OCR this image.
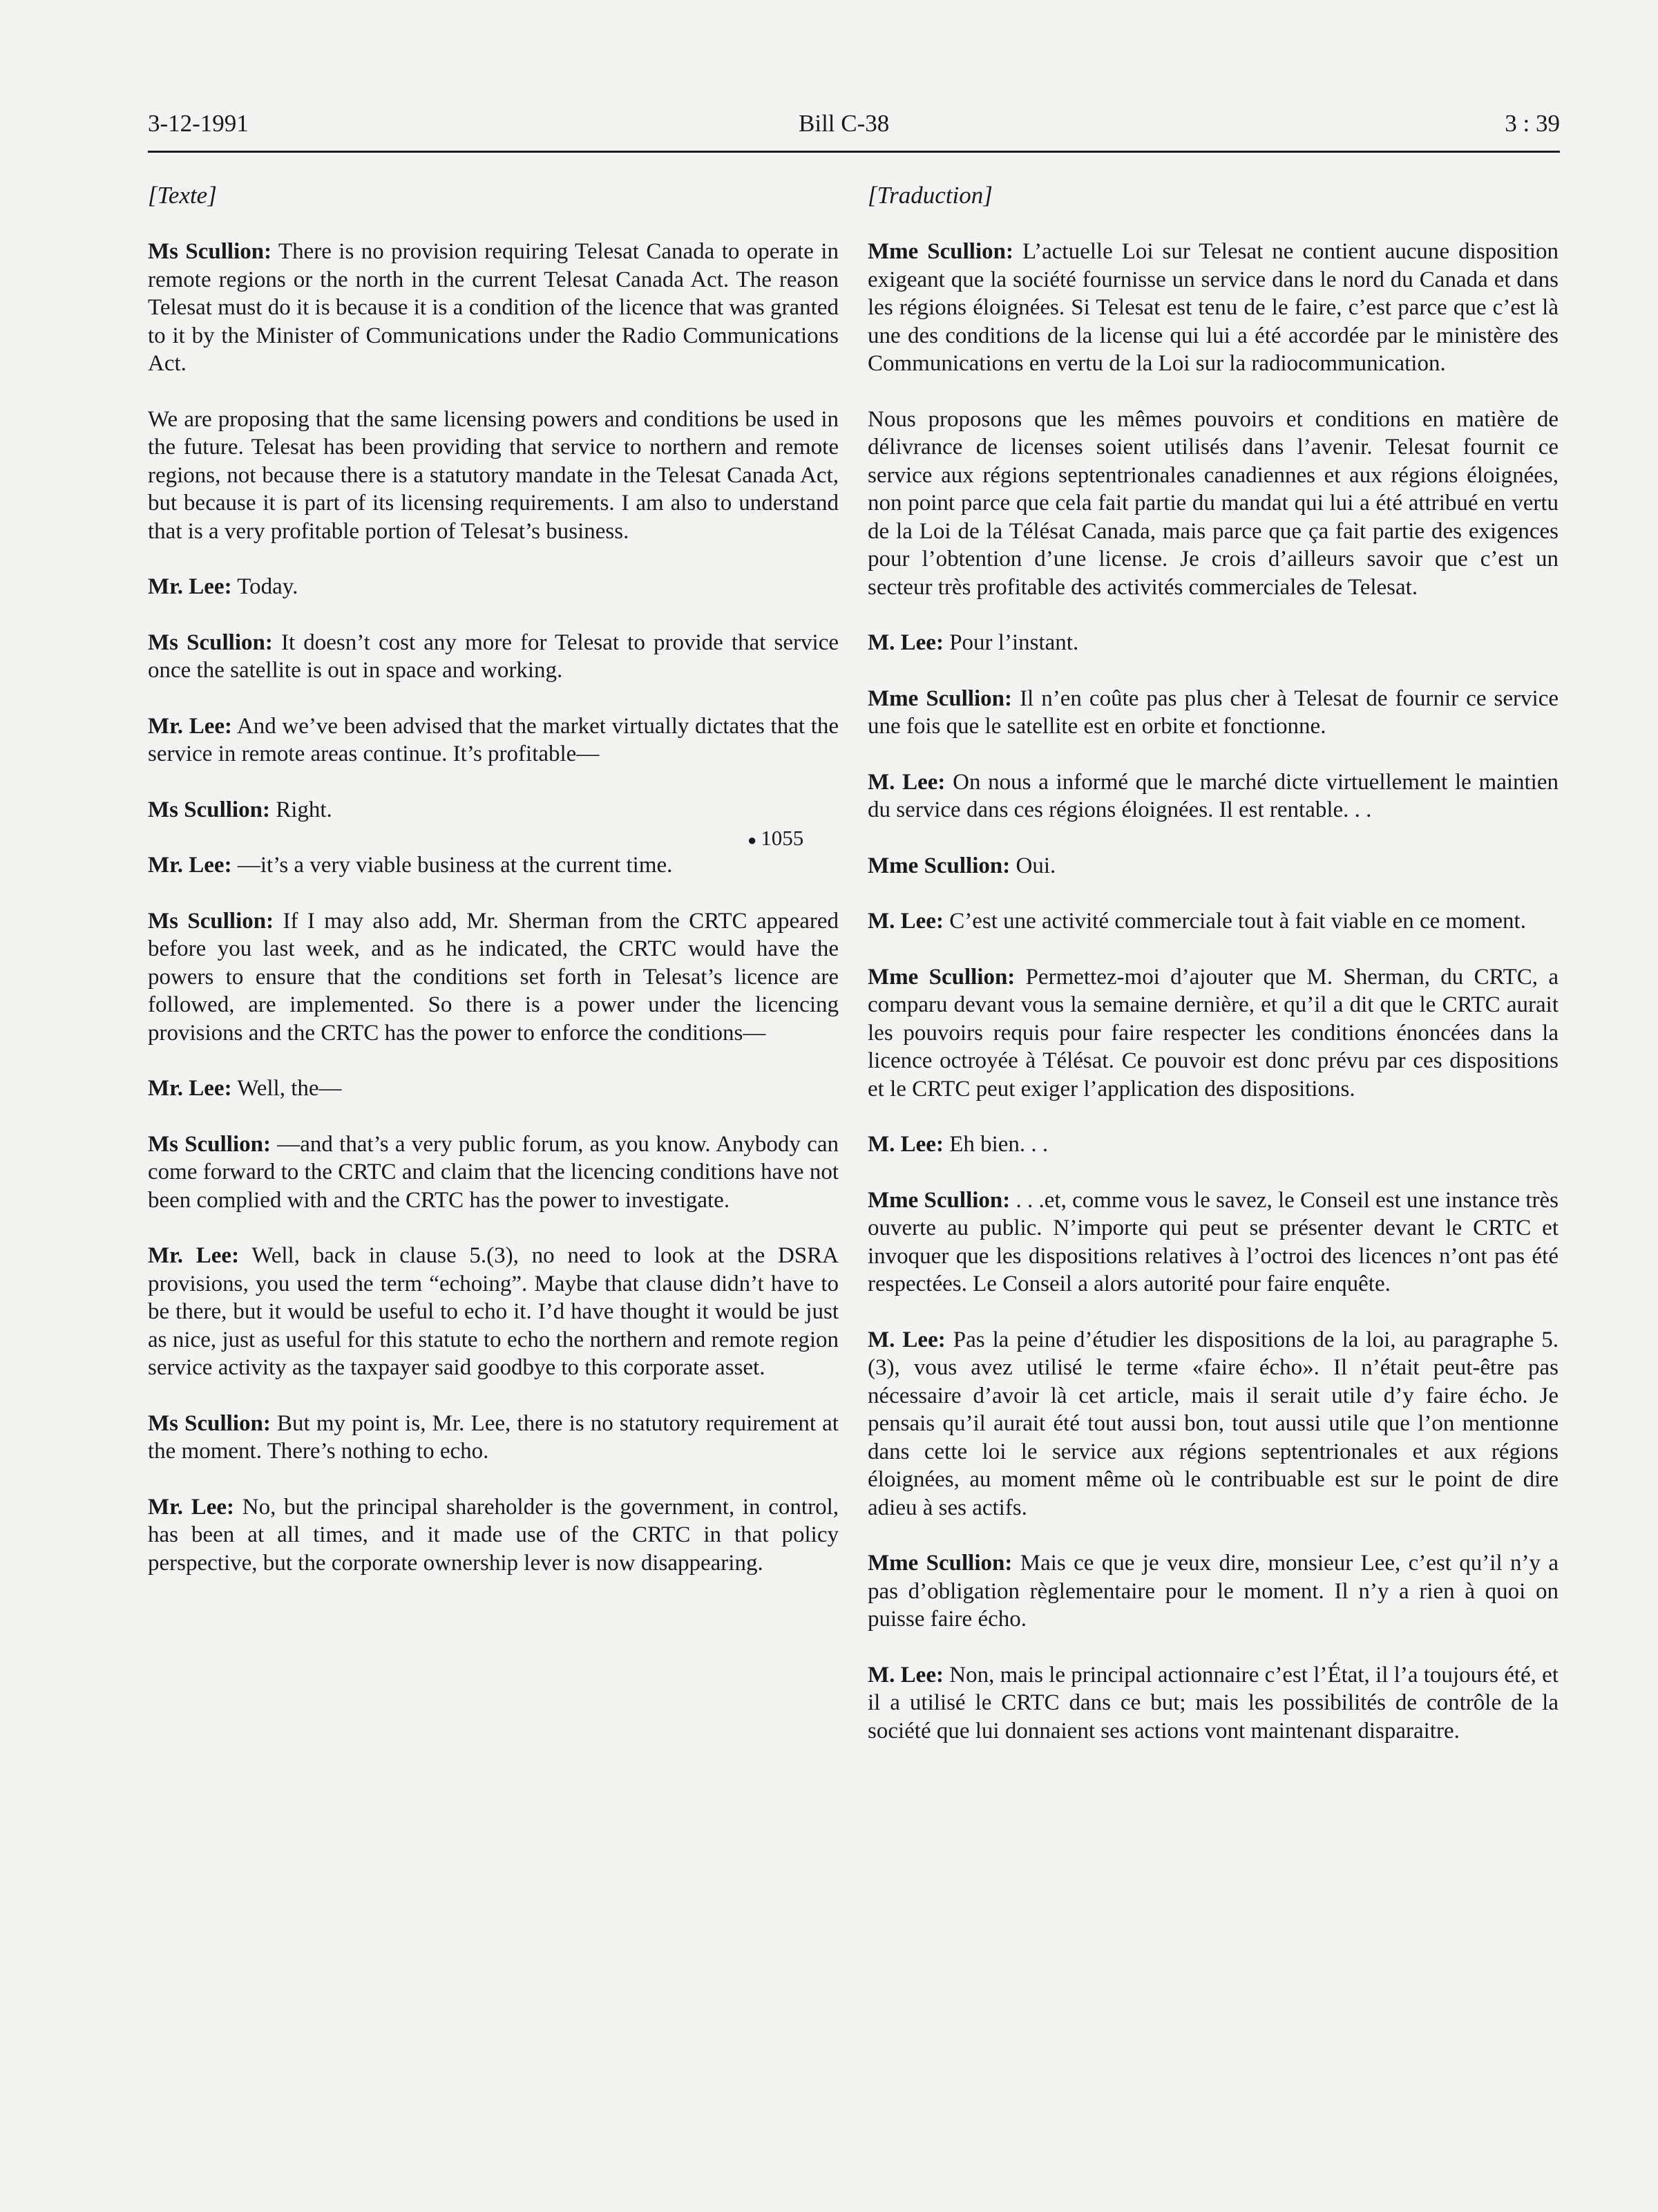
3-12-1991	Bill C-38	3 : 39
● 1055
[Texte]

Ms Scullion: There is no provision requiring Telesat Canada to operate in remote regions or the north in the current Telesat Canada Act. The reason Telesat must do it is because it is a condition of the licence that was granted to it by the Minister of Communications under the Radio Communications Act.

We are proposing that the same licensing powers and conditions be used in the future. Telesat has been providing that service to northern and remote regions, not because there is a statutory mandate in the Telesat Canada Act, but because it is part of its licensing requirements. I am also to understand that is a very profitable portion of Telesat’s business.

Mr. Lee: Today.

Ms Scullion: It doesn’t cost any more for Telesat to provide that service once the satellite is out in space and working.

Mr. Lee: And we’ve been advised that the market virtually dictates that the service in remote areas continue. It’s profitable—

Ms Scullion: Right.

Mr. Lee: —it’s a very viable business at the current time.

Ms Scullion: If I may also add, Mr. Sherman from the CRTC appeared before you last week, and as he indicated, the CRTC would have the powers to ensure that the conditions set forth in Telesat’s licence are followed, are implemented. So there is a power under the licencing provisions and the CRTC has the power to enforce the conditions—

Mr. Lee: Well, the—

Ms Scullion: —and that’s a very public forum, as you know. Anybody can come forward to the CRTC and claim that the licencing conditions have not been complied with and the CRTC has the power to investigate.

Mr. Lee: Well, back in clause 5.(3), no need to look at the DSRA provisions, you used the term “echoing”. Maybe that clause didn’t have to be there, but it would be useful to echo it. I’d have thought it would be just as nice, just as useful for this statute to echo the northern and remote region service activity as the taxpayer said goodbye to this corporate asset.

Ms Scullion: But my point is, Mr. Lee, there is no statutory requirement at the moment. There’s nothing to echo.

Mr. Lee: No, but the principal shareholder is the government, in control, has been at all times, and it made use of the CRTC in that policy perspective, but the corporate ownership lever is now disappearing.

[Traduction]

Mme Scullion: L’actuelle Loi sur Telesat ne contient aucune disposition exigeant que la société fournisse un service dans le nord du Canada et dans les régions éloignées. Si Telesat est tenu de le faire, c’est parce que c’est là une des conditions de la license qui lui a été accordée par le ministère des Communications en vertu de la Loi sur la radiocommunication.

Nous proposons que les mêmes pouvoirs et conditions en matière de délivrance de licenses soient utilisés dans l’avenir. Telesat fournit ce service aux régions septentrionales canadiennes et aux régions éloignées, non point parce que cela fait partie du mandat qui lui a été attribué en vertu de la Loi de la Télésat Canada, mais parce que ça fait partie des exigences pour l’obtention d’une license. Je crois d’ailleurs savoir que c’est un secteur très profitable des activités commerciales de Telesat.

M. Lee: Pour l’instant.

Mme Scullion: Il n’en coûte pas plus cher à Telesat de fournir ce service une fois que le satellite est en orbite et fonctionne.

M. Lee: On nous a informé que le marché dicte virtuellement le maintien du service dans ces régions éloignées. Il est rentable. . .

Mme Scullion: Oui.

M. Lee: C’est une activité commerciale tout à fait viable en ce moment.

Mme Scullion: Permettez-moi d’ajouter que M. Sherman, du CRTC, a comparu devant vous la semaine dernière, et qu’il a dit que le CRTC aurait les pouvoirs requis pour faire respecter les conditions énoncées dans la licence octroyée à Télésat. Ce pouvoir est donc prévu par ces dispositions et le CRTC peut exiger l’application des dispositions.

M. Lee: Eh bien. . .

Mme Scullion: . . .et, comme vous le savez, le Conseil est une instance très ouverte au public. N’importe qui peut se présenter devant le CRTC et invoquer que les dispositions relatives à l’octroi des licences n’ont pas été respectées. Le Conseil a alors autorité pour faire enquête.

M. Lee: Pas la peine d’étudier les dispositions de la loi, au paragraphe 5.(3), vous avez utilisé le terme «faire écho». Il n’était peut-être pas nécessaire d’avoir là cet article, mais il serait utile d’y faire écho. Je pensais qu’il aurait été tout aussi bon, tout aussi utile que l’on mentionne dans cette loi le service aux régions septentrionales et aux régions éloignées, au moment même où le contribuable est sur le point de dire adieu à ses actifs.

Mme Scullion: Mais ce que je veux dire, monsieur Lee, c’est qu’il n’y a pas d’obligation règlementaire pour le moment. Il n’y a rien à quoi on puisse faire écho.

M. Lee: Non, mais le principal actionnaire c’est l’État, il l’a toujours été, et il a utilisé le CRTC dans ce but; mais les possibilités de contrôle de la société que lui donnaient ses actions vont maintenant disparaitre.
